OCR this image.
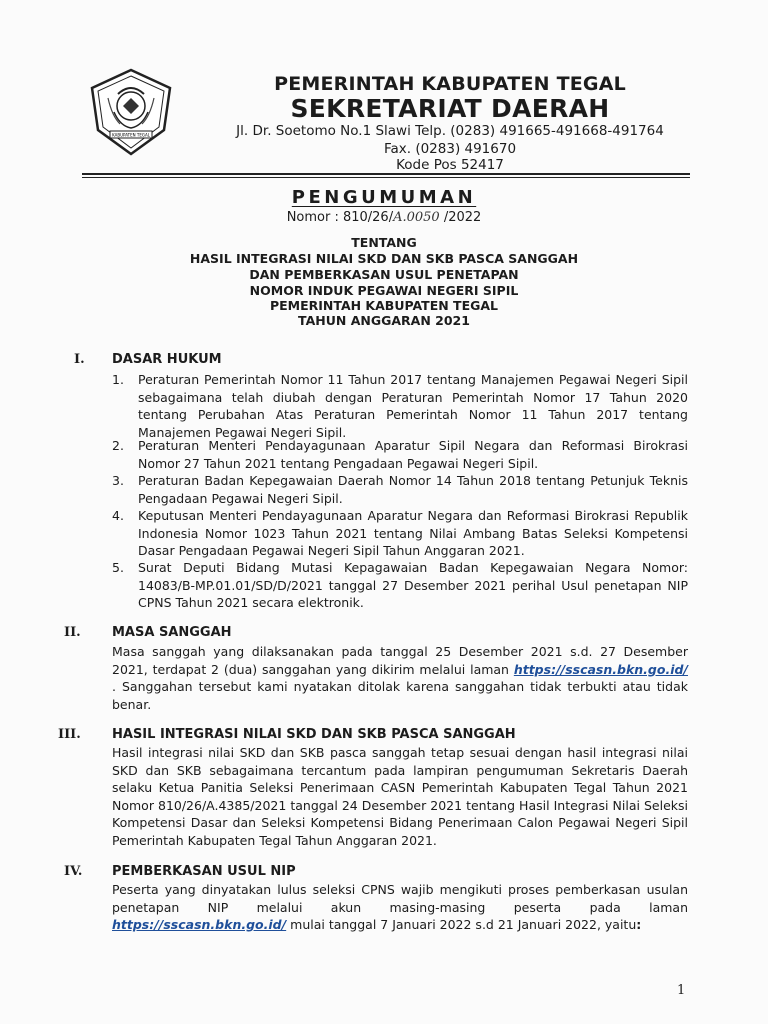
KABUPATEN TEGAL
PEMERINTAH KABUPATEN TEGAL
SEKRETARIAT DAERAH
Jl. Dr. Soetomo No.1 Slawi Telp. (0283) 491665-491668-491764
Fax. (0283) 491670
Kode Pos 52417
PENGUMUMAN
Nomor : 810/26/A.0050 /2022
TENTANG
HASIL INTEGRASI NILAI SKD DAN SKB PASCA SANGGAH
DAN PEMBERKASAN USUL PENETAPAN
NOMOR INDUK PEGAWAI NEGERI SIPIL
PEMERINTAH KABUPATEN TEGAL
TAHUN ANGGARAN 2021
I. DASAR HUKUM
1.	Peraturan Pemerintah Nomor 11 Tahun 2017 tentang Manajemen Pegawai Negeri Sipil sebagaimana telah diubah dengan Peraturan Pemerintah Nomor 17 Tahun 2020 tentang Perubahan Atas Peraturan Pemerintah Nomor 11 Tahun 2017 tentang Manajemen Pegawai Negeri Sipil.
2.	Peraturan Menteri Pendayagunaan Aparatur Sipil Negara dan Reformasi Birokrasi Nomor 27 Tahun 2021 tentang Pengadaan Pegawai Negeri Sipil.
3.	Peraturan Badan Kepegawaian Daerah Nomor 14 Tahun 2018 tentang Petunjuk Teknis Pengadaan Pegawai Negeri Sipil.
4.	Keputusan Menteri Pendayagunaan Aparatur Negara dan Reformasi Birokrasi Republik Indonesia Nomor 1023 Tahun 2021 tentang Nilai Ambang Batas Seleksi Kompetensi Dasar Pengadaan Pegawai Negeri Sipil Tahun Anggaran 2021.
5.	Surat Deputi Bidang Mutasi Kepagawaian Badan Kepegawaian Negara Nomor: 14083/B-MP.01.01/SD/D/2021 tanggal 27 Desember 2021 perihal Usul penetapan NIP CPNS Tahun 2021 secara elektronik.
II. MASA SANGGAH
Masa sanggah yang dilaksanakan pada tanggal 25 Desember 2021 s.d. 27 Desember 2021, terdapat 2 (dua) sanggahan yang dikirim melalui laman https://sscasn.bkn.go.id/ . Sanggahan tersebut kami nyatakan ditolak karena sanggahan tidak terbukti atau tidak benar.
III. HASIL INTEGRASI NILAI SKD DAN SKB PASCA SANGGAH
Hasil integrasi nilai SKD dan SKB pasca sanggah tetap sesuai dengan hasil integrasi nilai SKD dan SKB sebagaimana tercantum pada lampiran pengumuman Sekretaris Daerah selaku Ketua Panitia Seleksi Penerimaan CASN Pemerintah Kabupaten Tegal Tahun 2021 Nomor 810/26/A.4385/2021 tanggal 24 Desember 2021 tentang Hasil Integrasi Nilai Seleksi Kompetensi Dasar dan Seleksi Kompetensi Bidang Penerimaan Calon Pegawai Negeri Sipil Pemerintah Kabupaten Tegal Tahun Anggaran 2021.
IV. PEMBERKASAN USUL NIP
Peserta yang dinyatakan lulus seleksi CPNS wajib mengikuti proses pemberkasan usulan penetapan NIP melalui akun masing-masing peserta pada laman https://sscasn.bkn.go.id/ mulai tanggal 7 Januari 2022 s.d 21 Januari 2022, yaitu:
1
